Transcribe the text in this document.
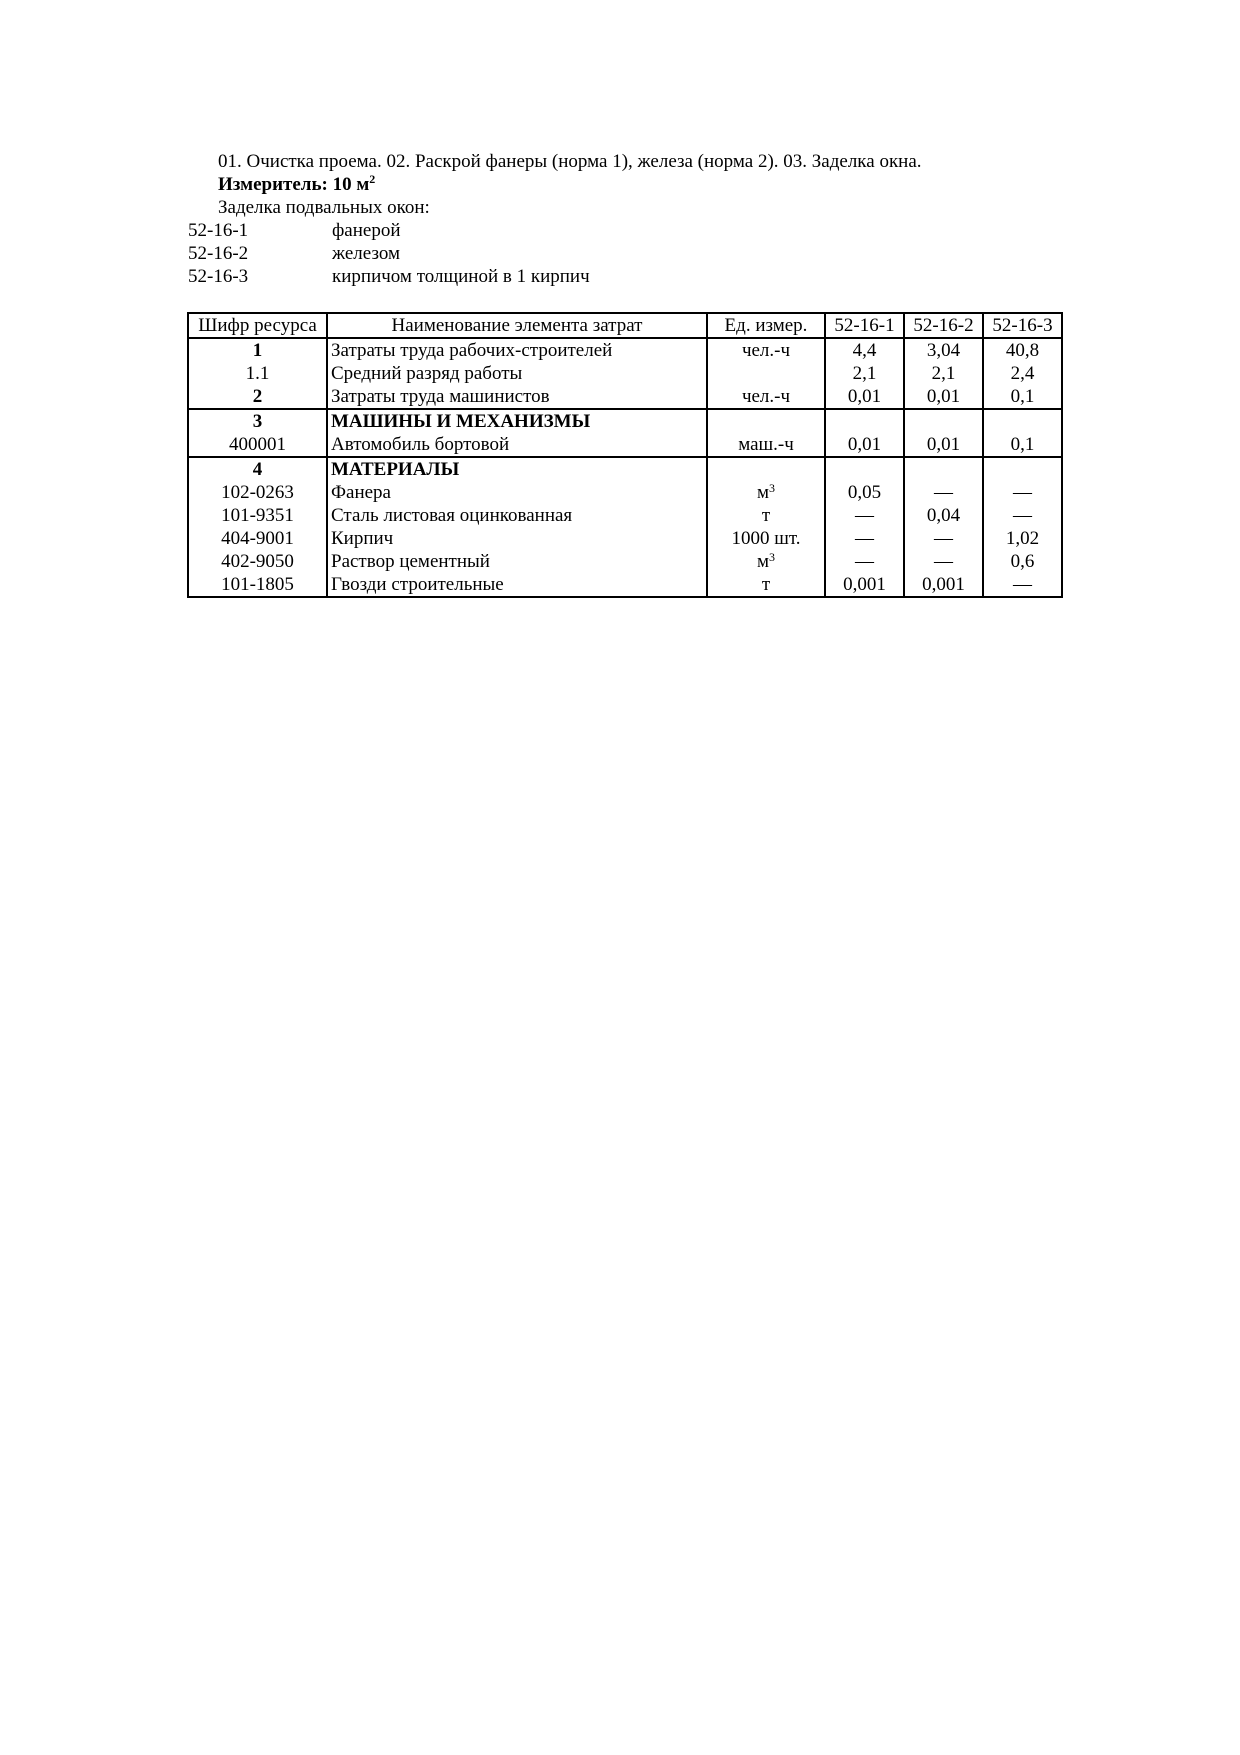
01. Очистка проема. 02. Раскрой фанеры (норма 1), железа (норма 2). 03. Заделка окна.
Измеритель: 10 $м^2$
Заделка подвальных окон:
52-16-1	фанерой
52-16-2	железом
52-16-3	кирпичом толщиной в 1 кирпич
Шифр ресурса	Наименование элемента затрат	Ед. измер.	52-16-1	52-16-2	52-16-3
1	Затраты труда рабочих-строителей	чел.-ч	4,4	3,04	40,8
1.1	Средний разряд работы		2,1	2,1	2,4
2	Затраты труда машинистов	чел.-ч	0,01	0,01	0,1
3	МАШИНЫ И МЕХАНИЗМЫ				
400001	Автомобиль бортовой	маш.-ч	0,01	0,01	0,1
4	МАТЕРИАЛЫ				
102-0263	Фанера	$м^3$	0,05	—	—
101-9351	Сталь листовая оцинкованная	т	—	0,04	—
404-9001	Кирпич	1000 шт.	—	—	1,02
402-9050	Раствор цементный	$м^3$	—	—	0,6
101-1805	Гвозди строительные	т	0,001	0,001	—
